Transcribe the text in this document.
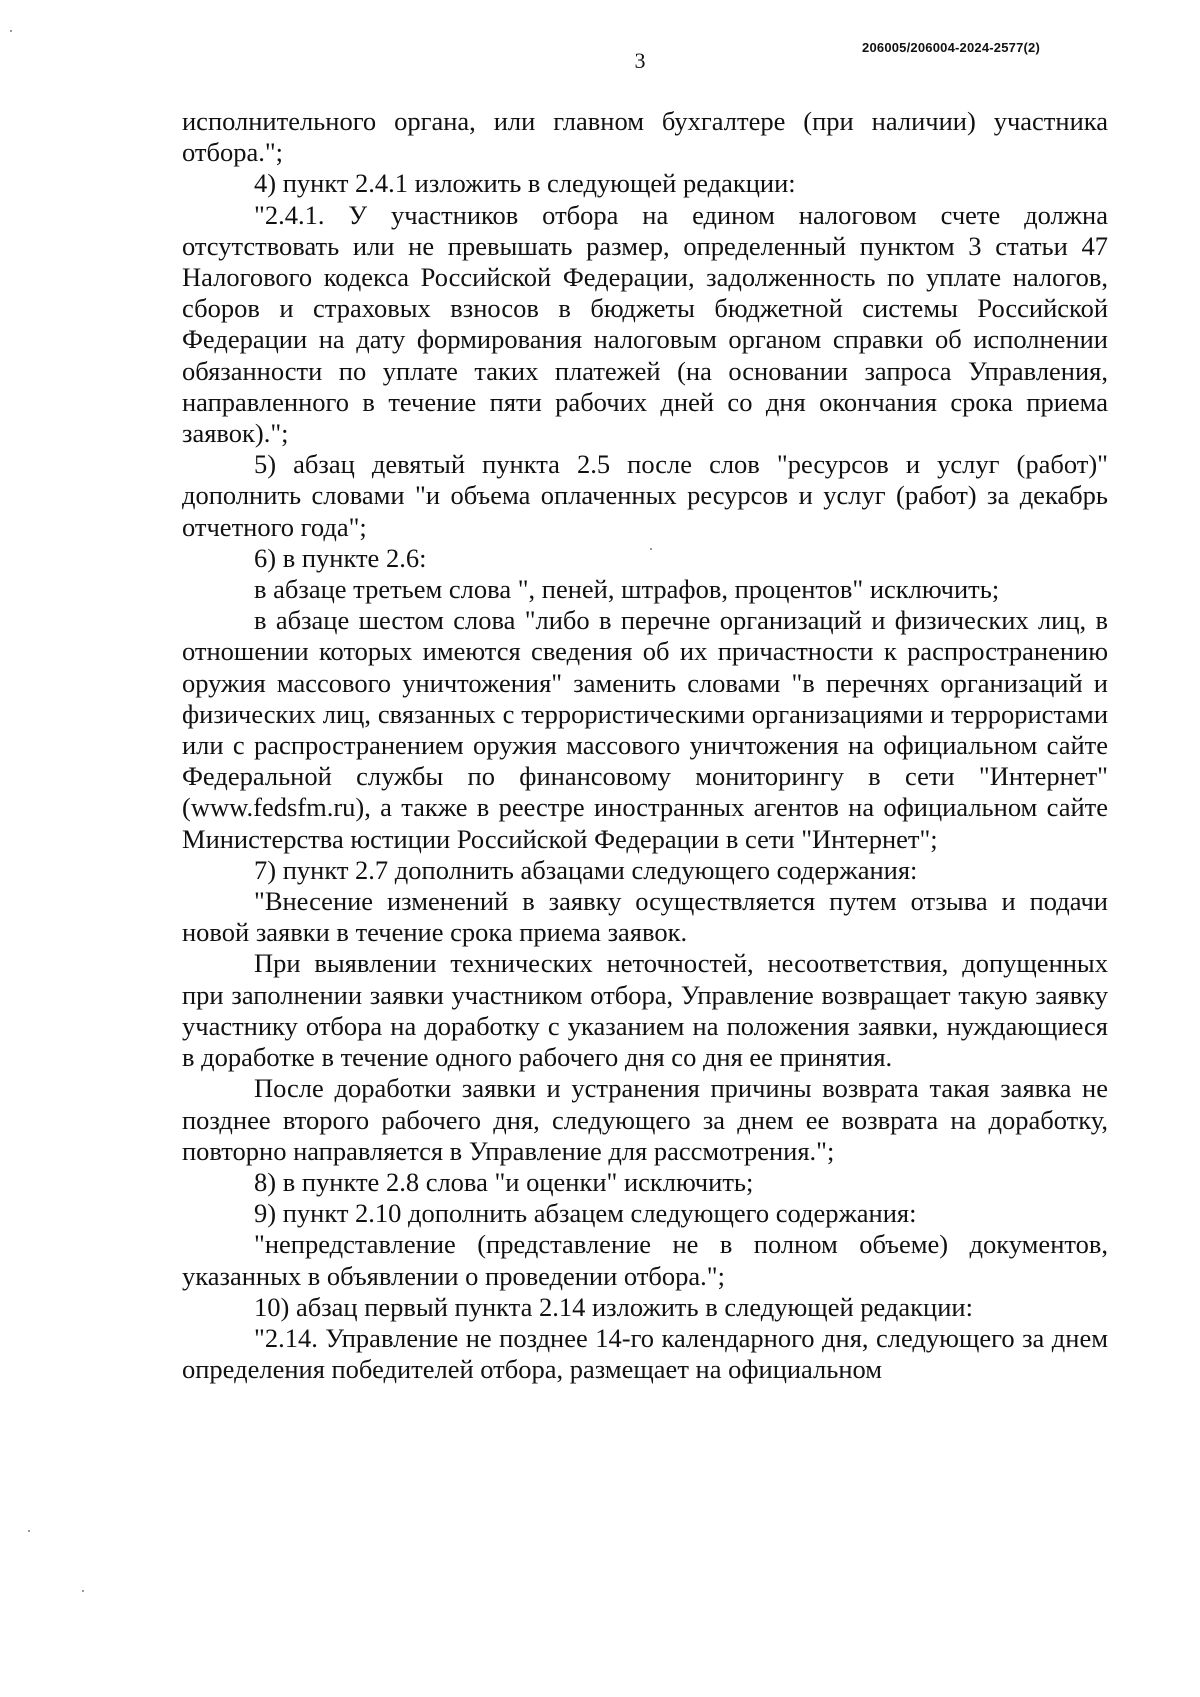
3
206005/206004-2024-2577(2)

исполнительного органа, или главном бухгалтере (при наличии) участника отбора.";

4) пункт 2.4.1 изложить в следующей редакции:

"2.4.1. У участников отбора на едином налоговом счете должна отсутствовать или не превышать размер, определенный пунктом 3 статьи 47 Налогового кодекса Российской Федерации, задолженность по уплате налогов, сборов и страховых взносов в бюджеты бюджетной системы Российской Федерации на дату формирования налоговым органом справки об исполнении обязанности по уплате таких платежей (на основании запроса Управления, направленного в течение пяти рабочих дней со дня окончания срока приема заявок).";

5) абзац девятый пункта 2.5 после слов "ресурсов и услуг (работ)" дополнить словами "и объема оплаченных ресурсов и услуг (работ) за декабрь отчетного года";

6) в пункте 2.6:

в абзаце третьем слова ", пеней, штрафов, процентов" исключить;

в абзаце шестом слова "либо в перечне организаций и физических лиц, в отношении которых имеются сведения об их причастности к распространению оружия массового уничтожения" заменить словами "в перечнях организаций и физических лиц, связанных с террористическими организациями и террористами или с распространением оружия массового уничтожения на официальном сайте Федеральной службы по финансовому мониторингу в сети "Интернет" (www.fedsfm.ru), а также в реестре иностранных агентов на официальном сайте Министерства юстиции Российской Федерации в сети "Интернет";

7) пункт 2.7 дополнить абзацами следующего содержания:

"Внесение изменений в заявку осуществляется путем отзыва и подачи новой заявки в течение срока приема заявок.

При выявлении технических неточностей, несоответствия, допущенных при заполнении заявки участником отбора, Управление возвращает такую заявку участнику отбора на доработку с указанием на положения заявки, нуждающиеся в доработке в течение одного рабочего дня со дня ее принятия.

После доработки заявки и устранения причины возврата такая заявка не позднее второго рабочего дня, следующего за днем ее возврата на доработку, повторно направляется в Управление для рассмотрения.";

8) в пункте 2.8 слова "и оценки" исключить;

9) пункт 2.10 дополнить абзацем следующего содержания:

"непредставление (представление не в полном объеме) документов, указанных в объявлении о проведении отбора.";

10) абзац первый пункта 2.14 изложить в следующей редакции:

"2.14. Управление не позднее 14-го календарного дня, следующего за днем определения победителей отбора, размещает на официальном
